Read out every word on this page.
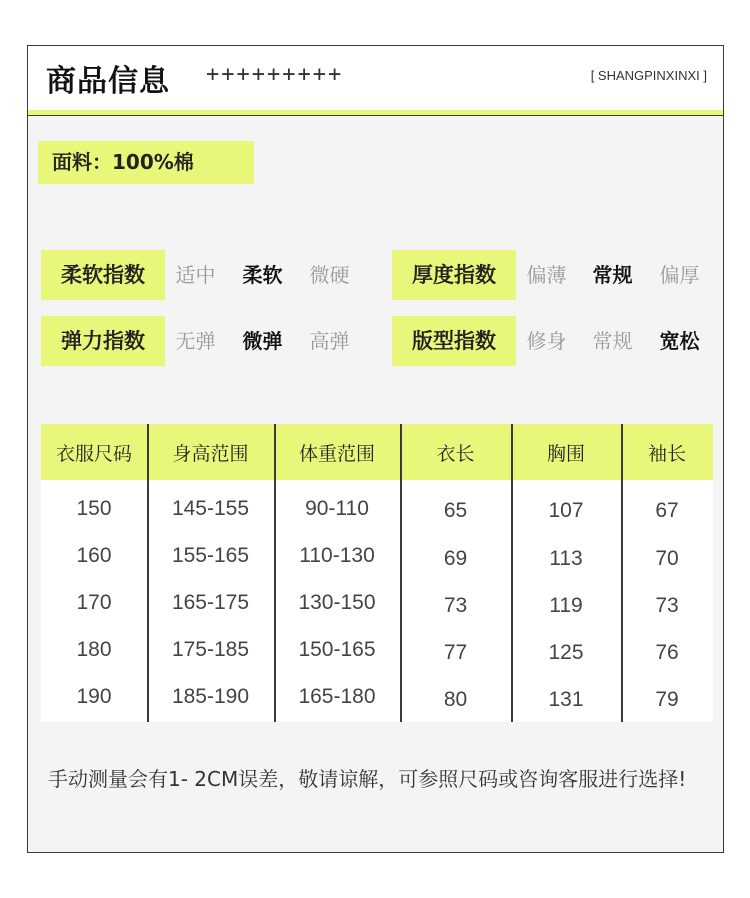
商品信息 +++++++++	[ SHANGPINXINXI ]
面料：100%棉
柔软指数	适中	柔软	微硬	厚度指数	偏薄	常规	偏厚
弹力指数	无弹	微弹	高弹	版型指数	修身	常规	宽松
衣服尺码	身高范围	体重范围	衣长	胸围	袖长
150	145-155	90-110	65	107	67
160	155-165	110-130	69	113	70
170	165-175	130-150	73	119	73
180	175-185	150-165	77	125	76
190	185-190	165-180	80	131	79
手动测量会有1- 2CM误差，敬请谅解，可参照尺码或咨询客服进行选择!
